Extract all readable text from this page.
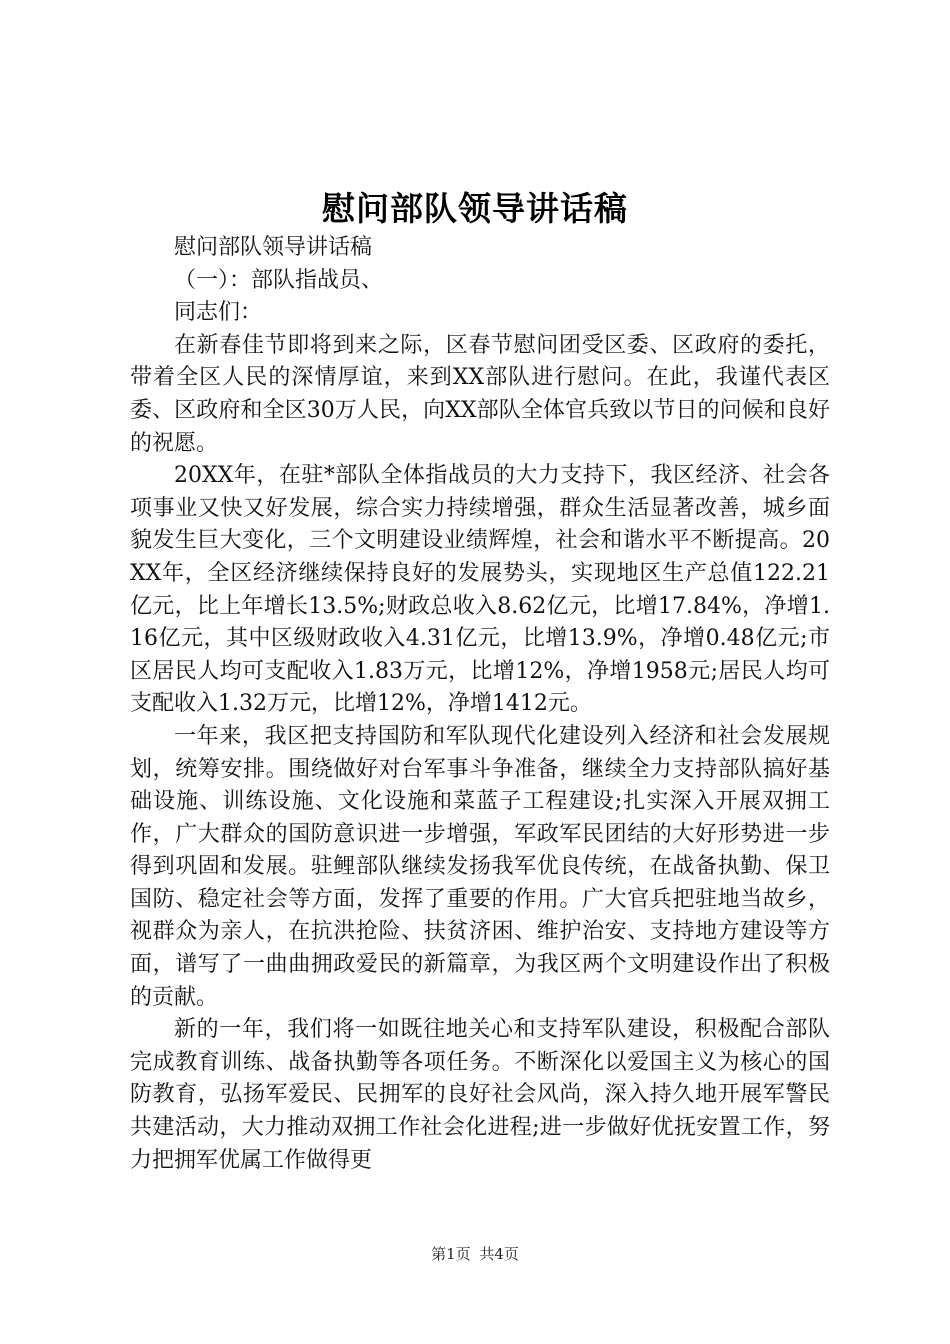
慰问部队领导讲话稿

慰问部队领导讲话稿

（一）：部队指战员、

同志们：

在新春佳节即将到来之际，区春节慰问团受区委、区政府的委托，带着全区人民的深情厚谊，来到XX部队进行慰问。在此，我谨代表区委、区政府和全区30万人民，向XX部队全体官兵致以节日的问候和良好的祝愿。

20XX年，在驻*部队全体指战员的大力支持下，我区经济、社会各项事业又快又好发展，综合实力持续增强，群众生活显著改善，城乡面貌发生巨大变化，三个文明建设业绩辉煌，社会和谐水平不断提高。20XX年，全区经济继续保持良好的发展势头，实现地区生产总值122.21亿元，比上年增长13.5%;财政总收入8.62亿元，比增17.84%，净增1.16亿元，其中区级财政收入4.31亿元，比增13.9%，净增0.48亿元;市区居民人均可支配收入1.83万元，比增12%，净增1958元;居民人均可支配收入1.32万元，比增12%，净增1412元。

一年来，我区把支持国防和军队现代化建设列入经济和社会发展规划，统筹安排。围绕做好对台军事斗争准备，继续全力支持部队搞好基础设施、训练设施、文化设施和菜蓝子工程建设;扎实深入开展双拥工作，广大群众的国防意识进一步增强，军政军民团结的大好形势进一步得到巩固和发展。驻鲤部队继续发扬我军优良传统，在战备执勤、保卫国防、稳定社会等方面，发挥了重要的作用。广大官兵把驻地当故乡，视群众为亲人，在抗洪抢险、扶贫济困、维护治安、支持地方建设等方面，谱写了一曲曲拥政爱民的新篇章，为我区两个文明建设作出了积极的贡献。

新的一年，我们将一如既往地关心和支持军队建设，积极配合部队完成教育训练、战备执勤等各项任务。不断深化以爱国主义为核心的国防教育，弘扬军爱民、民拥军的良好社会风尚，深入持久地开展军警民共建活动，大力推动双拥工作社会化进程;进一步做好优抚安置工作，努力把拥军优属工作做得更

第1页 共4页
